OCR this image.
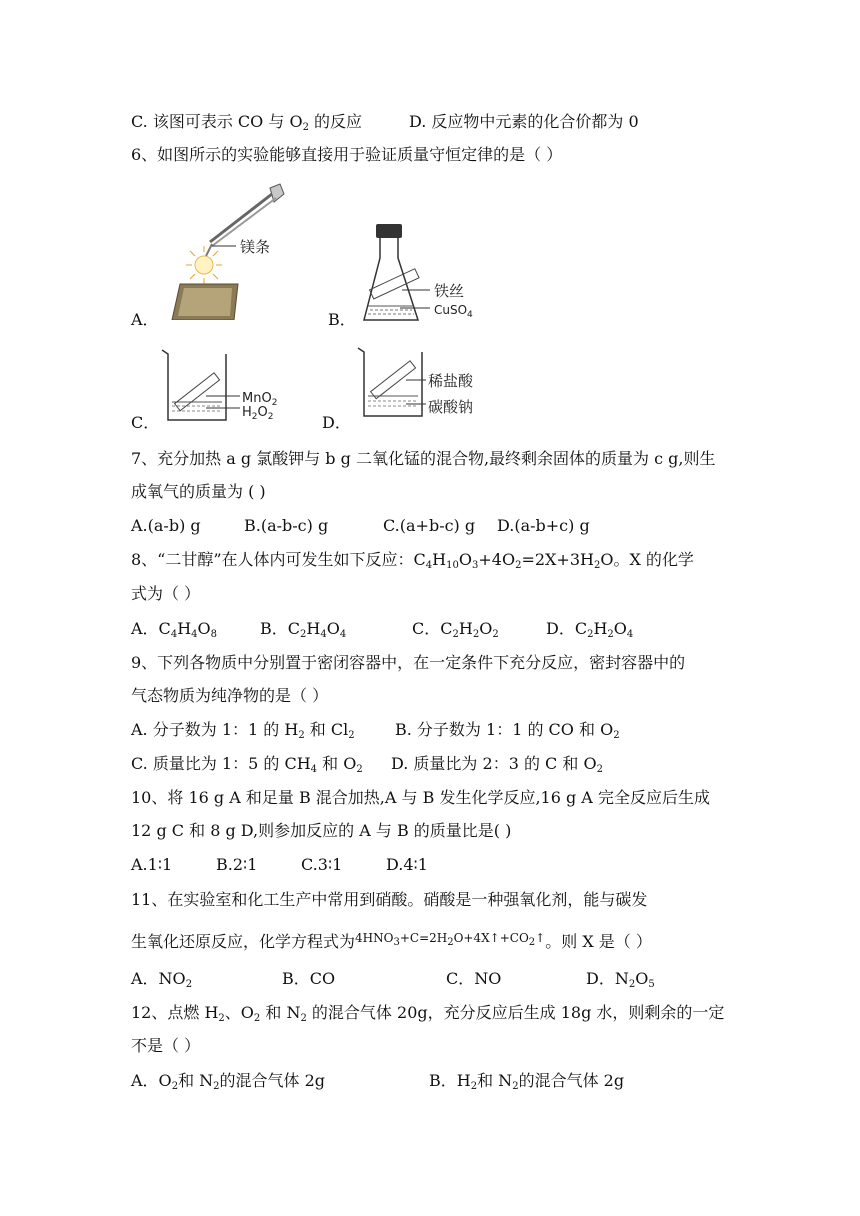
C. 该图可表示 CO 与 $O_2$ 的反应	D. 反应物中元素的化合价都为 0
6、如图所示的实验能够直接用于验证质量守恒定律的是（ ）
A．	B．
C．	D．
镁条
铁丝
CuSO$_4$
MnO$_2$
$H_2O_2$
稀盐酸
碳酸钠
7、充分加热 a g 氯酸钾与 b g 二氧化锰的混合物,最终剩余固体的质量为 c g,则生
成氧气的质量为 ( )
A.(a-b) g	B.(a-b-c) g	C.(a+b-c) g D.(a-b+c) g
8、“二甘醇”在人体内可发生如下反应：$C_4H_{10}O_3+4O_2=2X+3H_2O$。X 的化学
式为（ ）
A．$C_4H_4O_8$	B．$C_2H_4O_4$	C．$C_2H_2O_2$	D．$C_2H_2O_4$
9、下列各物质中分别置于密闭容器中，在一定条件下充分反应，密封容器中的
气态物质为纯净物的是（ ）
A. 分子数为 1：1 的 $H_2$ 和 $Cl_2$	B. 分子数为 1：1 的 CO 和 $O_2$
C. 质量比为 1：5 的 $CH_4$ 和 $O_2$ D. 质量比为 2：3 的 C 和 $O_2$
10、将 16 g A 和足量 B 混合加热,A 与 B 发生化学反应,16 g A 完全反应后生成
12 g C 和 8 g D,则参加反应的 A 与 B 的质量比是( )
A.1∶1	B.2∶1	C.3∶1	D.4∶1
11、在实验室和化工生产中常用到硝酸。硝酸是一种强氧化剂，能与碳发
生氧化还原反应，化学方程式为$^{4HNO_3+C=2H_2O+4X↑+CO_2↑}$。则 X 是（ ）
A．$NO_2$	B．CO	C．NO	D．$N_2O_5$
12、点燃 $H_2$、$O_2$ 和 $N_2$ 的混合气体 20g，充分反应后生成 18g 水，则剩余的一定
不是（ ）
A．$O_2$和 $N_2$的混合气体 2g	B．$H_2$和 $N_2$的混合气体 2g
